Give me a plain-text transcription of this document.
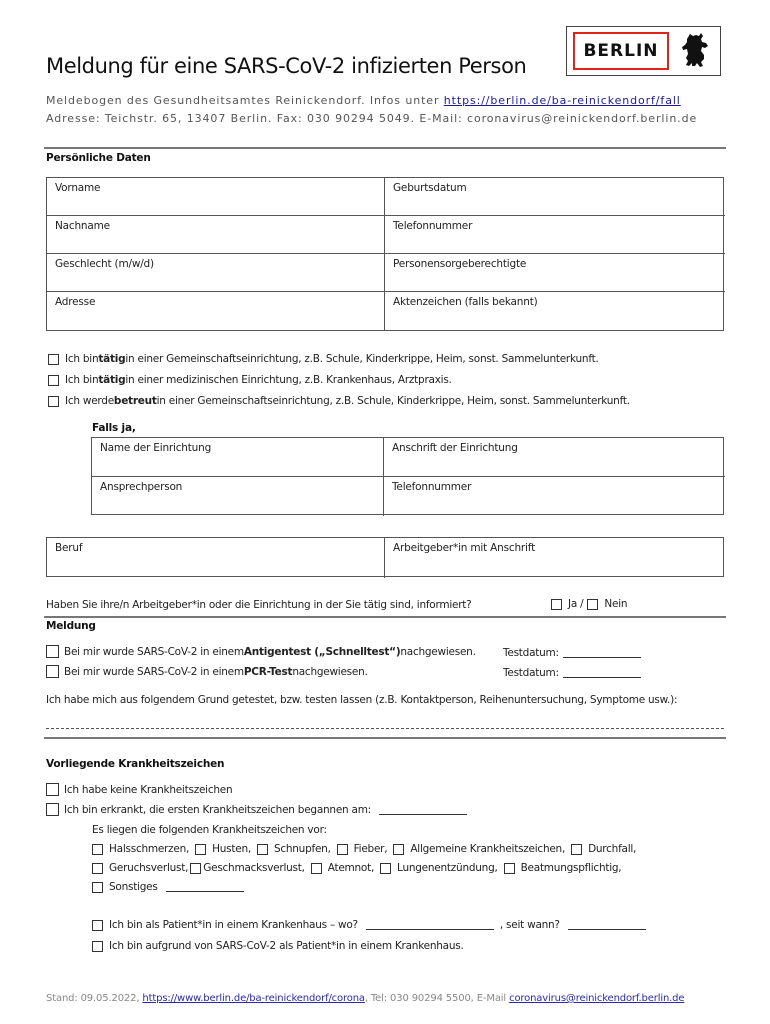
Meldung für eine SARS-CoV-2 infizierten Person
BERLIN
Meldebogen des Gesundheitsamtes Reinickendorf. Infos unter https://berlin.de/ba-reinickendorf/fall
Adresse: Teichstr. 65, 13407 Berlin. Fax: 030 90294 5049. E-Mail: coronavirus@reinickendorf.berlin.de
Persönliche Daten
Vorname	Geburtsdatum
Nachname	Telefonnummer
Geschlecht (m/w/d)	Personensorgeberechtigte
Adresse	Aktenzeichen (falls bekannt)
Ich bin tätig in einer Gemeinschaftseinrichtung, z.B. Schule, Kinderkrippe, Heim, sonst. Sammelunterkunft.
Ich bin tätig in einer medizinischen Einrichtung, z.B. Krankenhaus, Arztpraxis.
Ich werde betreut in einer Gemeinschaftseinrichtung, z.B. Schule, Kinderkrippe, Heim, sonst. Sammelunterkunft.
Falls ja,
Name der Einrichtung	Anschrift der Einrichtung
Ansprechperson	Telefonnummer
Beruf	Arbeitgeber*in mit Anschrift
Haben Sie ihre/n Arbeitgeber*in oder die Einrichtung in der Sie tätig sind, informiert?	Ja / Nein
Meldung
Bei mir wurde SARS-CoV-2 in einem Antigentest („Schnelltest“) nachgewiesen.	Testdatum:
Bei mir wurde SARS-CoV-2 in einem PCR-Test nachgewiesen.	Testdatum:
Ich habe mich aus folgendem Grund getestet, bzw. testen lassen (z.B. Kontaktperson, Reihenuntersuchung, Symptome usw.):
Vorliegende Krankheitszeichen
Ich habe keine Krankheitszeichen
Ich bin erkrankt, die ersten Krankheitszeichen begannen am:
Es liegen die folgenden Krankheitszeichen vor:
Halsschmerzen, Husten, Schnupfen, Fieber, Allgemeine Krankheitszeichen, Durchfall,
Geruchsverlust, Geschmacksverlust, Atemnot, Lungenentzündung, Beatmungspflichtig,
Sonstiges
Ich bin als Patient*in in einem Krankenhaus – wo?	, seit wann?
Ich bin aufgrund von SARS-CoV-2 als Patient*in in einem Krankenhaus.
Stand: 09.05.2022, https://www.berlin.de/ba-reinickendorf/corona, Tel: 030 90294 5500, E-Mail coronavirus@reinickendorf.berlin.de
